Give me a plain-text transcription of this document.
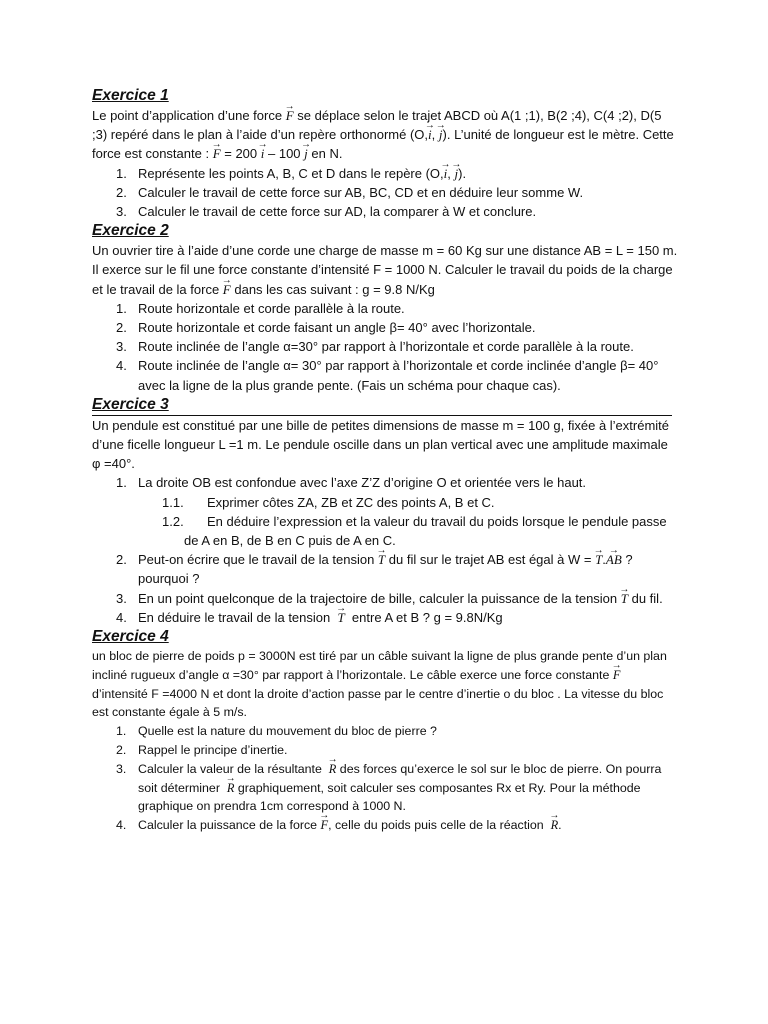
Exercice 1

Le point d’application d’une force → F se déplace selon le trajet ABCD où A(1 ;1), B(2 ;4), C(4 ;2), D(5 ;3) repéré dans le plan à l’aide d’un repère orthonormé (O,→ i, → j). L’unité de longueur est le mètre. Cette force est constante : → F = 200 → i – 100 → j en N.

1. Représente les points A, B, C et D dans le repère (O,→ i, → j).
2. Calculer le travail de cette force sur AB, BC, CD et en déduire leur somme W.
3. Calculer le travail de cette force sur AD, la comparer à W et conclure.
Exercice 2

Un ouvrier tire à l’aide d’une corde une charge de masse m = 60 Kg sur une distance AB = L = 150 m. Il exerce sur le fil une force constante d’intensité F = 1000 N. Calculer le travail du poids de la charge et le travail de la force → F dans les cas suivant : g = 9.8 N/Kg

1. Route horizontale et corde parallèle à la route.
2. Route horizontale et corde faisant un angle β= 40° avec l’horizontale.
3. Route inclinée de l’angle α=30° par rapport à l’horizontale et corde parallèle à la route.
4. Route inclinée de l’angle α= 30° par rapport à l’horizontale et corde inclinée d’angle β= 40° avec la ligne de la plus grande pente. (Fais un schéma pour chaque cas).
Exercice 3

Un pendule est constitué par une bille de petites dimensions de masse m = 100 g, fixée à l’extrémité d’une ficelle longueur L =1 m. Le pendule oscille dans un plan vertical avec une amplitude maximale φ =40°.

1. La droite OB est confondue avec l’axe Z’Z d’origine O et orientée vers le haut.
1.1. Exprimer côtes ZA, ZB et ZC des points A, B et C.
1.2. En déduire l’expression et la valeur du travail du poids lorsque le pendule passe de A en B, de B en C puis de A en C.
2. Peut-on écrire que le travail de la tension → T du fil sur le trajet AB est égal à W = → T.→ AB ? pourquoi ?
3. En un point quelconque de la trajectoire de bille, calculer la puissance de la tension → T du fil.
4. En déduire le travail de la tension  → T  entre A et B ? g = 9.8N/Kg
Exercice 4

un bloc de pierre de poids p = 3000N est tiré par un câble suivant la ligne de plus grande pente d’un plan incliné rugueux d’angle α =30° par rapport à l’horizontale. Le câble exerce une force constante → F d’intensité F =4000 N et dont la droite d’action passe par le centre d’inertie o du bloc . La vitesse du bloc est constante égale à 5 m/s.

1. Quelle est la nature du mouvement du bloc de pierre ?
2. Rappel le principe d’inertie.
3. Calculer la valeur de la résultante  → R des forces qu’exerce le sol sur le bloc de pierre. On pourra soit déterminer  → R graphiquement, soit calculer ses composantes Rx et Ry. Pour la méthode graphique on prendra 1cm correspond à 1000 N.
4. Calculer la puissance de la force → F, celle du poids puis celle de la réaction  → R.
